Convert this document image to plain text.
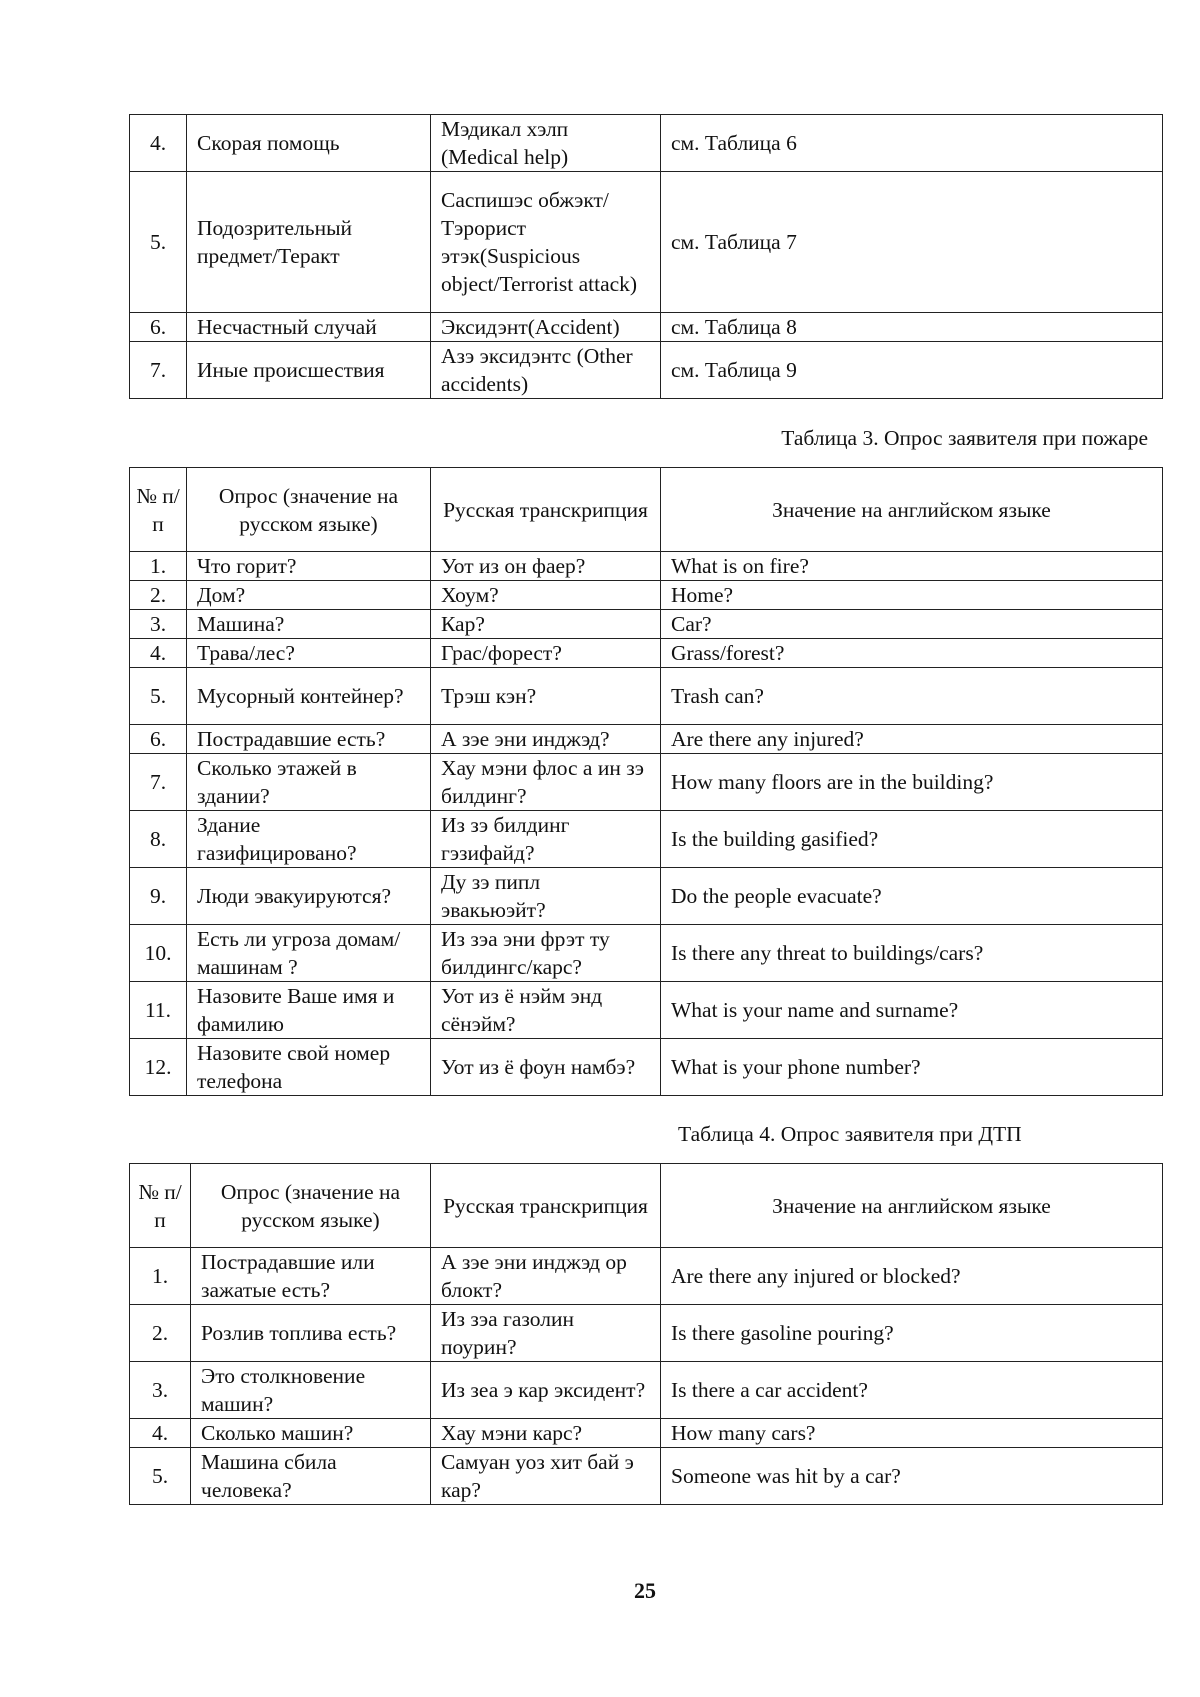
4.	Скорая помощь	Мэдикал хэлп (Medical help)	см. Таблица 6
5.	Подозрительный предмет/Теракт	Саспишэс обжэкт/Тэрорист этэк(Suspicious object/Terrorist attack)	см. Таблица 7
6.	Несчастный случай	Эксидэнт(Accident)	см. Таблица 8
7.	Иные происшествия	Азэ эксидэнтс (Other accidents)	см. Таблица 9
Таблица 3. Опрос заявителя при пожаре
№ п/п	Опрос (значение на русском языке)	Русская транскрипция	Значение на английском языке
1.	Что горит?	Уот из он фаер?	What is on fire?
2.	Дом?	Хоум?	Home?
3.	Машина?	Кар?	Car?
4.	Трава/лес?	Грас/форест?	Grass/forest?
5.	Мусорный контейнер?	Трэш кэн?	Trash can?
6.	Пострадавшие есть?	А зэе эни инджэд?	Are there any injured?
7.	Сколько этажей в здании?	Хау мэни флос а ин зэ билдинг?	How many floors are in the building?
8.	Здание газифицировано?	Из зэ билдинг гэзифайд?	Is the building gasified?
9.	Люди эвакуируются?	Ду зэ пипл эвакьюэйт?	Do the people evacuate?
10.	Есть ли угроза домам/машинам ?	Из зэа эни фрэт ту билдингс/карс?	Is there any threat to buildings/cars?
11.	Назовите Ваше имя и фамилию	Уот из ё нэйм энд сёнэйм?	What is your name and surname?
12.	Назовите свой номер телефона	Уот из ё фоун намбэ?	What is your phone number?
Таблица 4. Опрос заявителя при ДТП
№ п/п	Опрос (значение на русском языке)	Русская транскрипция	Значение на английском языке
1.	Пострадавшие или зажатые есть?	А зэе эни инджэд ор блокт?	Are there any injured or blocked?
2.	Розлив топлива есть?	Из зэа газолин поурин?	Is there gasoline pouring?
3.	Это столкновение машин?	Из зеа э кар эксидент?	Is there a car accident?
4.	Сколько машин?	Хау мэни карс?	How many cars?
5.	Машина сбила человека?	Самуан уоз хит бай э кар?	Someone was hit by a car?
25
